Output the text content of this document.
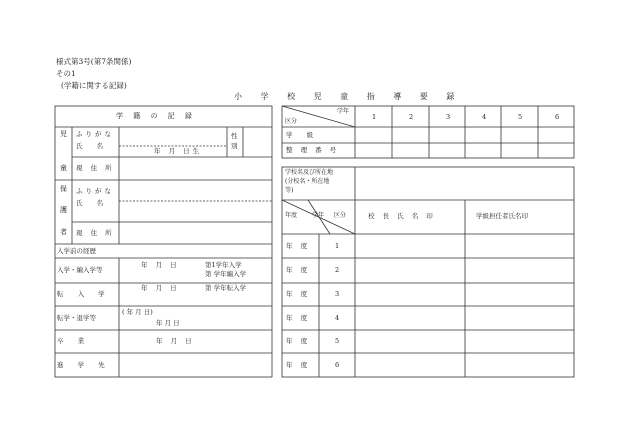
様式第3号(第7条関係)
その1
(学籍に関する記録)
小 学 校 児 童 指 導 要 録
学 籍 の 記 録
児
童
ふりがな
氏 名
性
別
年 月 日生
現 住 所
保
護
者
ふりがな
氏 名
現 住 所
入学前の経歴
入学・編入学等
年 月 日	第1学年入学
第 学年編入学
転 入 学
年 月 日	第 学年転入学
転学・退学等
( 年 月 日)
年 月 日
卒 業	年 月 日
進 学 先
学年
区分
1	2	3	4	5	6
学 級
整 理 番 号
学校名及び所在地
(分校名・所在地
等)
年度 学年 区分	校 長 氏 名 印	学級担任者氏名印
年 度	1
年 度	2
年 度	3
年 度	4
年 度	5
年 度	6
